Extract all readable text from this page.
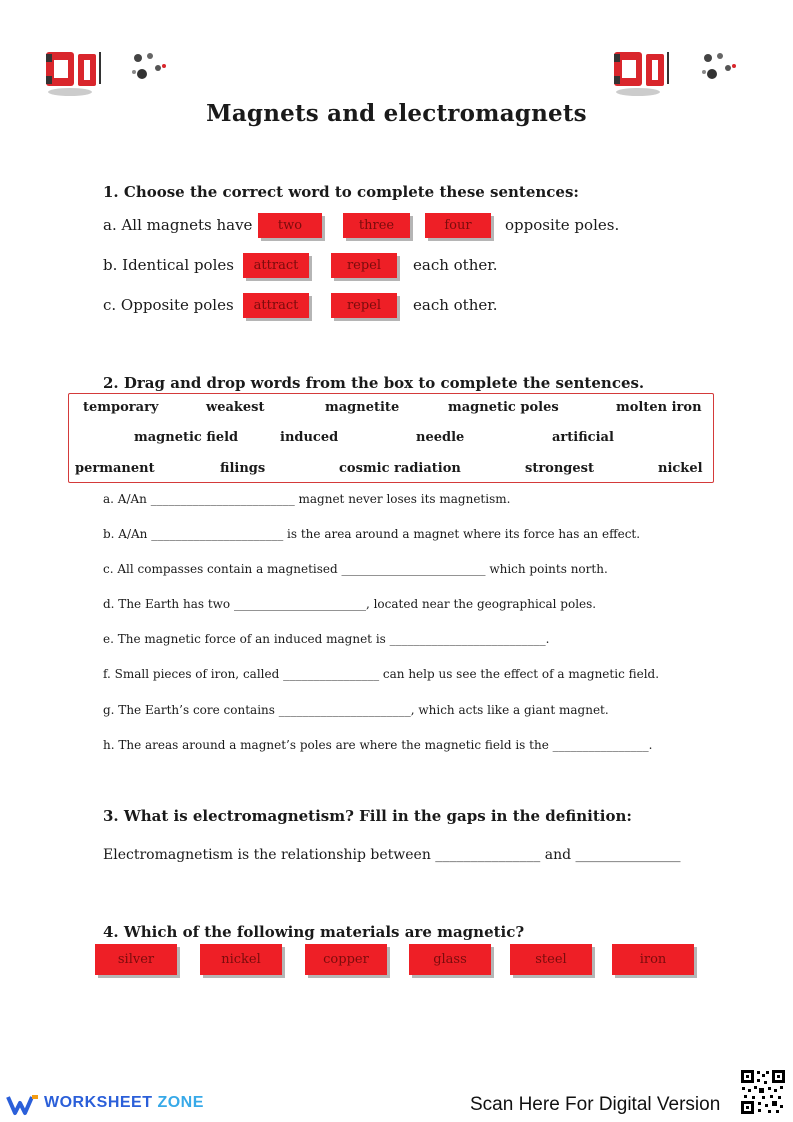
Magnets and electromagnets
1. Choose the correct word to complete these sentences:
a. All magnets have	two	three	four	opposite poles.
b. Identical poles	attract	repel	each other.
c. Opposite poles	attract	repel	each other.
2. Drag and drop words from the box to complete the sentences.
temporary	weakest	magnetite	magnetic poles	molten iron
magnetic field	induced	needle	artificial
permanent	filings	cosmic radiation	strongest	nickel
a. A/An ________________________ magnet never loses its magnetism.
b. A/An ______________________ is the area around a magnet where its force has an effect.
c. All compasses contain a magnetised ________________________ which points north.
d. The Earth has two ______________________, located near the geographical poles.
e. The magnetic force of an induced magnet is __________________________.
f. Small pieces of iron, called ________________ can help us see the effect of a magnetic field.
g. The Earth’s core contains ______________________, which acts like a giant magnet.
h. The areas around a magnet’s poles are where the magnetic field is the ________________.
3. What is electromagnetism? Fill in the gaps in the definition:
Electromagnetism is the relationship between _______________ and _______________
4. Which of the following materials are magnetic?
silver	nickel	copper	glass	steel	iron
WORKSHEET ZONE	Scan Here For Digital Version
